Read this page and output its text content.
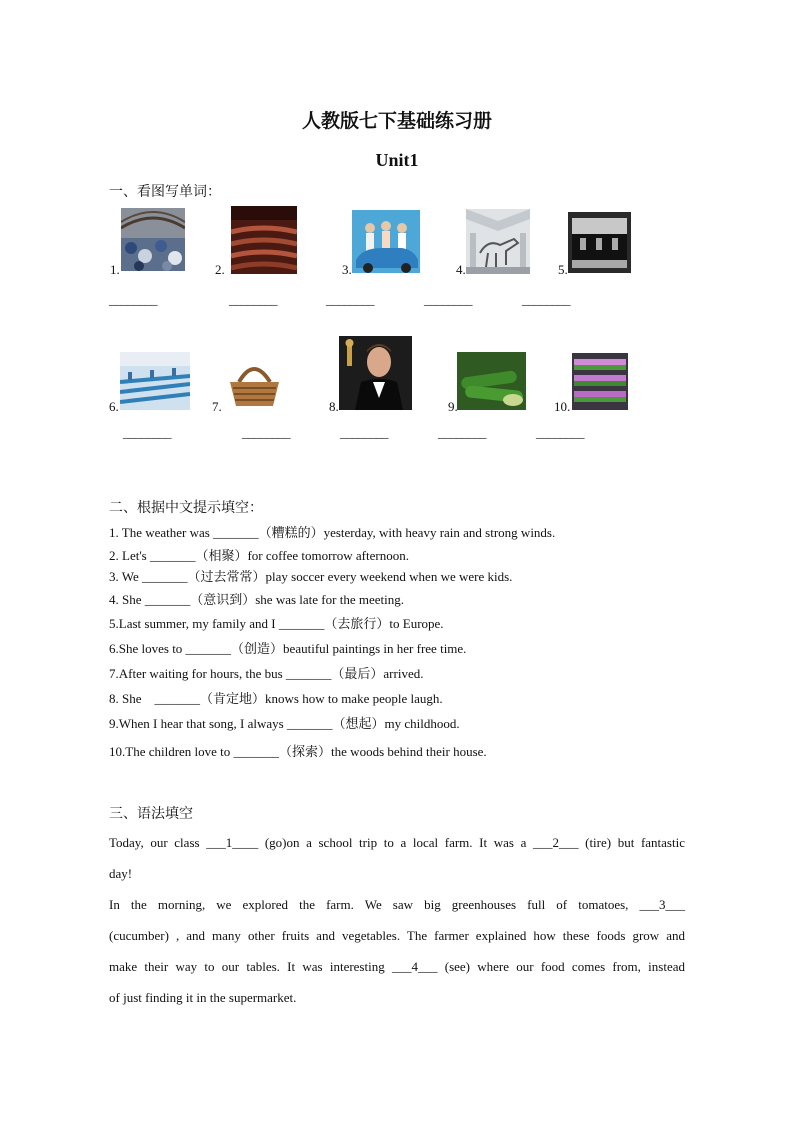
人教版七下基础练习册
Unit1
一、看图写单词：
1.	2.	3.	4.	5.
________	________	________	________	________
6.	7.	8.	9.	10.
________	________	________	________	________
二、根据中文提示填空：
1. The weather was _______（糟糕的）yesterday, with heavy rain and strong winds.
2. Let's _______（相聚）for coffee tomorrow afternoon.
3. We _______（过去常常）play soccer every weekend when we were kids.
4. She _______（意识到）she was late for the meeting.
5.Last summer, my family and I _______（去旅行）to Europe.
6.She loves to _______（创造）beautiful paintings in her free time.
7.After waiting for hours, the bus _______（最后）arrived.
8. She    _______（肯定地）knows how to make people laugh.
9.When I hear that song, I always _______（想起）my childhood.
10.The children love to _______（探索）the woods behind their house.
三、语法填空
Today, our class ___1____ (go)on a school trip to a local farm. It was a ___2___ (tire) but fantastic
day!
In the morning, we explored the farm. We saw big greenhouses full of tomatoes, ___3___
(cucumber) , and many other fruits and vegetables. The farmer explained how these foods grow and
make their way to our tables. It was interesting ___4___ (see) where our food comes from, instead
of just finding it in the supermarket.
